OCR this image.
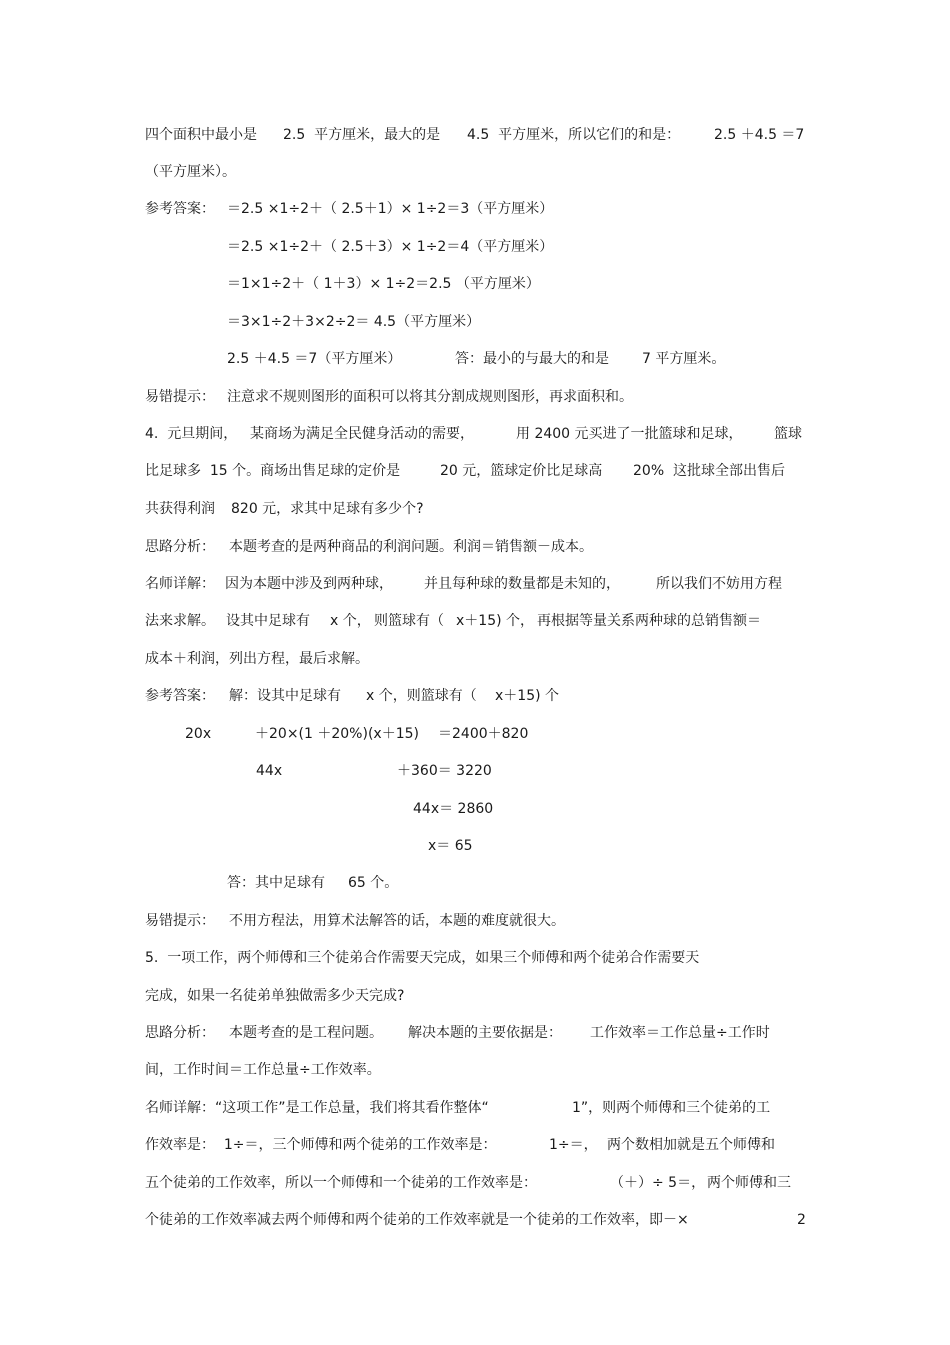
四个面积中最小是

2.5  平方厘米，最大的是

4.5  平方厘米，所以它们的和是：

2.5 ＋4.5 ＝7

（平方厘米）。

参考答案：

＝2.5 ×1÷2＋（ 2.5＋1）× 1÷2＝3（平方厘米）

＝2.5 ×1÷2＋（ 2.5＋3）× 1÷2＝4（平方厘米）

＝1×1÷2＋（ 1＋3）× 1÷2＝2.5 （平方厘米）

＝3×1÷2＋3×2÷2＝ 4.5（平方厘米）

2.5 ＋4.5 ＝7（平方厘米）

	答：最小的与最大的和是

7 平方厘米。

易错提示：

注意求不规则图形的面积可以将其分割成规则图形，再求面积和。

4.  元旦期间，

某商场为满足全民健身活动的需要，

	用 2400 元买进了一批篮球和足球，

篮球

比足球多  15 个。商场出售足球的定价是

	20 元，篮球定价比足球高

20%  这批球全部出售后

共获得利润

820 元，求其中足球有多少个?

思路分析：

本题考查的是两种商品的利润问题。利润＝销售额－成本。

名师详解：

因为本题中涉及到两种球，

并且每种球的数量都是未知的，

	所以我们不妨用方程

法来求解。

设其中足球有

x 个，

则篮球有（

x＋15) 个，

再根据等量关系两种球的总销售额＝

成本＋利润，列出方程，最后求解。

参考答案：

解：设其中足球有

x 个，则篮球有（

x＋15) 个

20x

	＋20×(1 ＋20%)(x＋15)

＝2400＋820

44x

	＋360＝ 3220

44x＝ 2860

x＝ 65

答：其中足球有

65 个。

易错提示：

不用方程法，用算术法解答的话，本题的难度就很大。

5.  一项工作，两个师傅和三个徒弟合作需要天完成，如果三个师傅和两个徒弟合作需要天

完成，如果一名徒弟单独做需多少天完成?

思路分析：

本题考查的是工程问题。

解决本题的主要依据是：

工作效率＝工作总量÷工作时

间，工作时间＝工作总量÷工作效率。

名师详解：“这项工作”是工作总量，我们将其看作整体“

	1”，则两个师傅和三个徒弟的工

作效率是：  1÷＝，三个师傅和两个徒弟的工作效率是：

	1÷＝，

两个数相加就是五个师傅和

五个徒弟的工作效率，所以一个师傅和一个徒弟的工作效率是：

	（＋）÷ 5＝，

两个师傅和三

个徒弟的工作效率减去两个师傅和两个徒弟的工作效率就是一个徒弟的工作效率，即－×

	2
